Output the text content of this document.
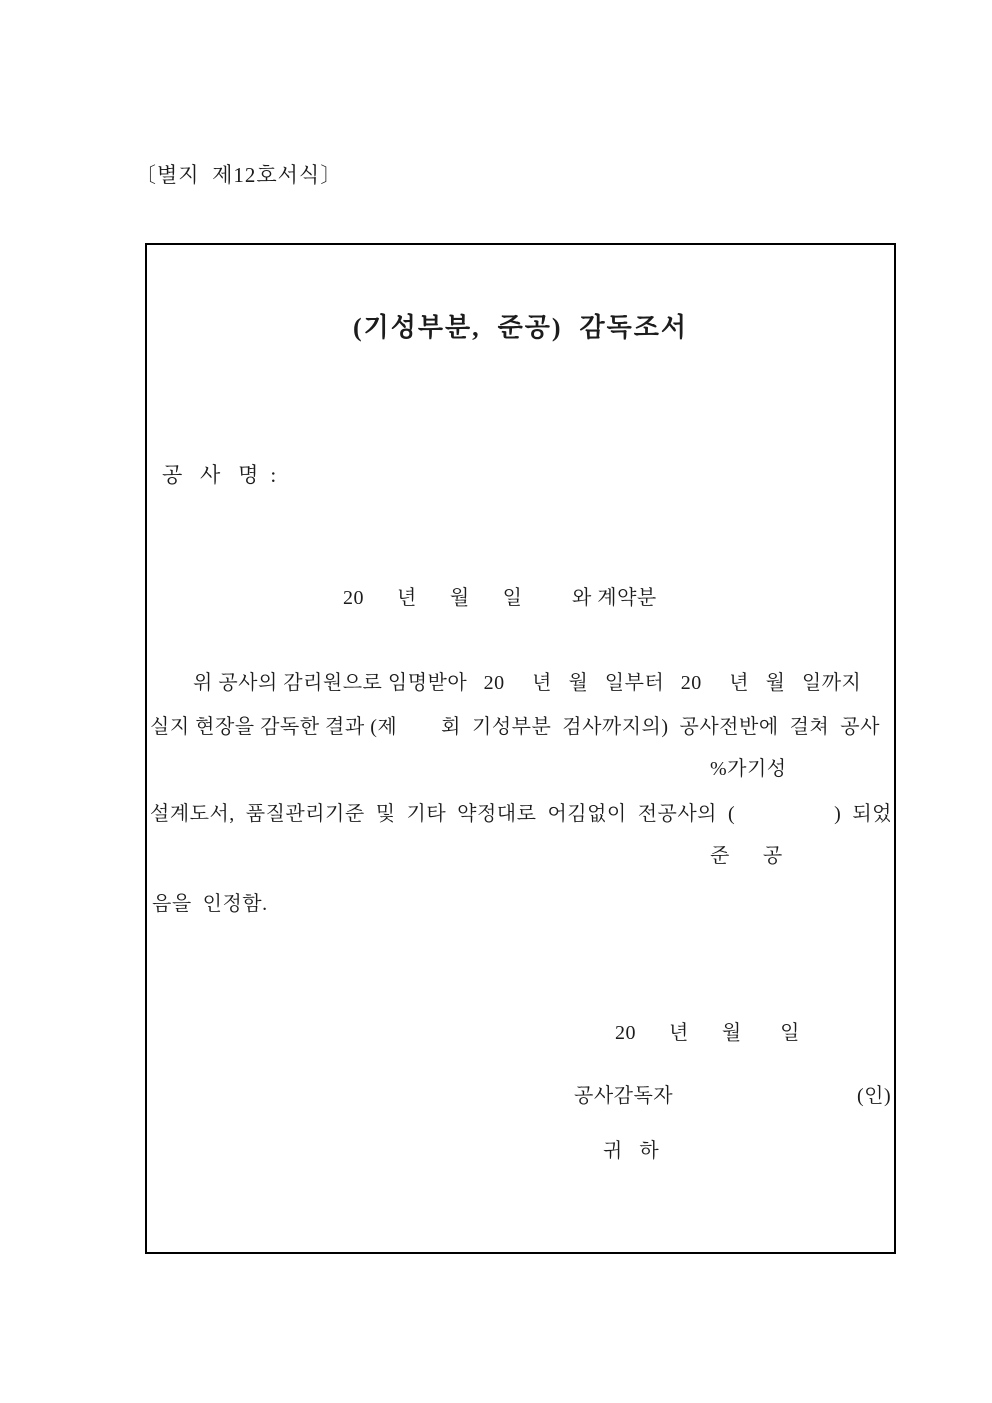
〔별지  제12호서식〕
(기성부분,  준공)  감독조서
공   사   명  :
20      년      월      일         와 계약분
위 공사의 감리원으로 임명받아   20     년   월   일부터   20     년   월   일까지
실지 현장을 감독한 결과 (제        회  기성부분  검사까지의)  공사전반에  걸쳐  공사
%가기성
설계도서,  품질관리기준  및  기타  약정대로  어김없이  전공사의  (                  )  되었
준      공
음을  인정함.
20      년      월       일
공사감독자	(인)
귀   하
